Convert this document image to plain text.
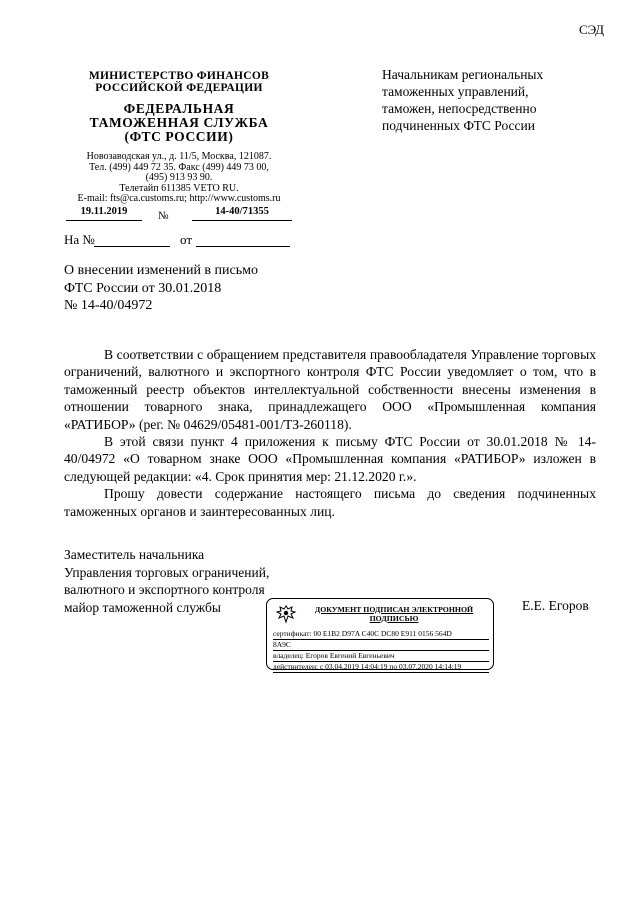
СЭД
МИНИСТЕРСТВО ФИНАНСОВ
РОССИЙСКОЙ ФЕДЕРАЦИИ
ФЕДЕРАЛЬНАЯ
ТАМОЖЕННАЯ СЛУЖБА
(ФТС РОССИИ)
Новозаводская ул., д. 11/5, Москва, 121087.
Тел. (499) 449 72 35. Факс (499) 449 73 00,
(495) 913 93 90.
Телетайп 611385 VETO RU.
E-mail: fts@ca.customs.ru; http://www.customs.ru
19.11.2019	№	14-40/71355
На №	от
Начальникам региональных
таможенных управлений,
таможен, непосредственно
подчиненных ФТС России
О внесении изменений в письмо
ФТС России от 30.01.2018
№ 14-40/04972

В соответствии с обращением представителя правообладателя Управление торговых ограничений, валютного и экспортного контроля ФТС России уведомляет о том, что в таможенный реестр объектов интеллектуальной собственности внесены изменения в отношении товарного знака, принадлежащего ООО «Промышленная компания «РАТИБОР» (рег. № 04629/05481-001/ТЗ-260118).

В этой связи пункт 4 приложения к письму ФТС России от 30.01.2018 № 14-40/04972 «О товарном знаке ООО «Промышленная компания «РАТИБОР» изложен в следующей редакции: «4. Срок принятия мер: 21.12.2020 г.».

Прошу довести содержание настоящего письма до сведения подчиненных таможенных органов и заинтересованных лиц.

Заместитель начальника
Управления торговых ограничений,
валютного и экспортного контроля
майор таможенной службы	Е.Е. Егоров
ДОКУМЕНТ ПОДПИСАН ЭЛЕКТРОННОЙ
ПОДПИСЬЮ
сертификат: 00 E1B2 D97A C40C DC80 E911 0156 564D
8A9C
владелец: Егоров Евгений Евгеньевич
действителен: с 03.04.2019 14:04:19 по 03.07.2020 14:14:19
